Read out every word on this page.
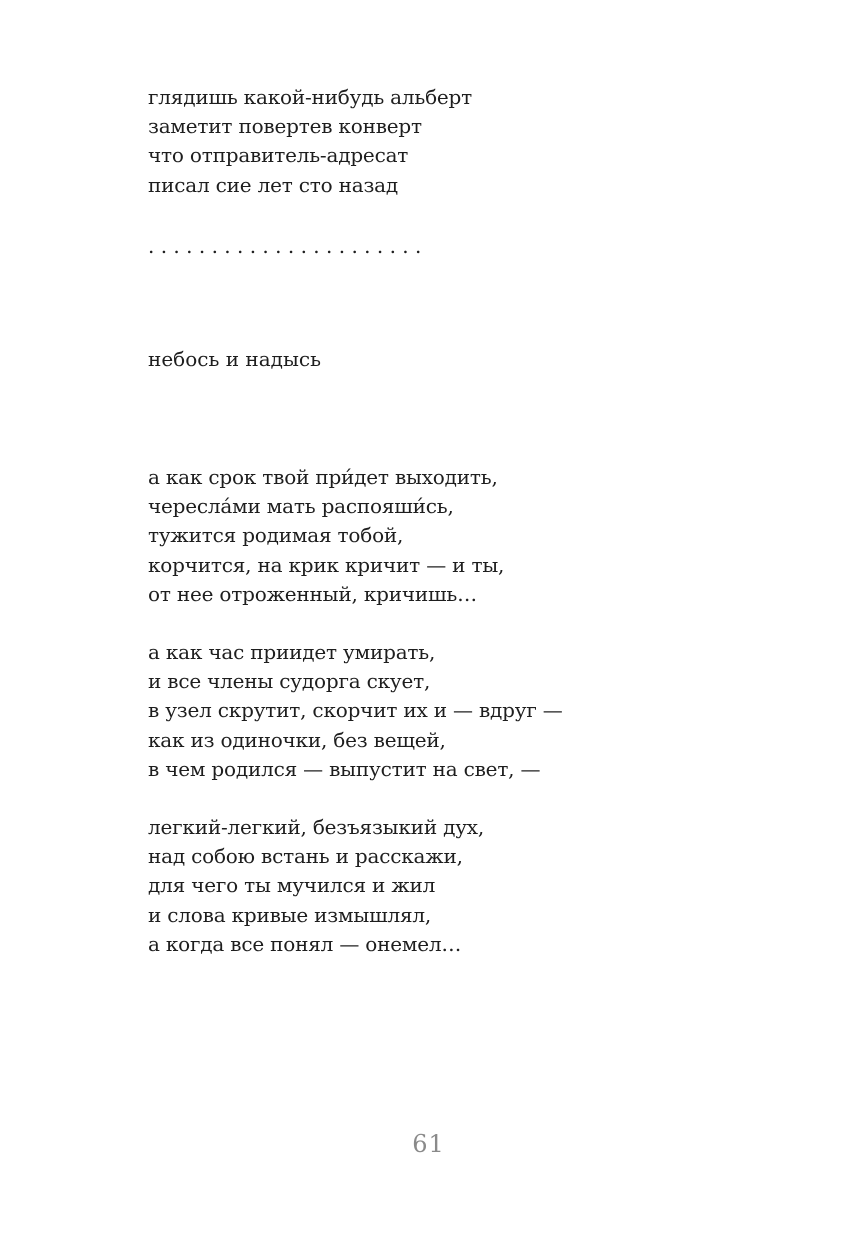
глядишь какой-нибудь альберт
заметит повертев конверт
что отправитель-адресат
писал сие лет сто назад
. . . . . . . . . . . . . . . . . . . . . .
небось и надысь
а как срок твой при́дет выходить,
чересла́ми мать распояши́сь,
тужится родимая тобой,
корчится, на крик кричит — и ты,
от нее отроженный, кричишь…
а как час приидет умирать,
и все члены судорга скует,
в узел скрутит, скорчит их и — вдруг —
как из одиночки, без вещей,
в чем родился — выпустит на свет, —
легкий-легкий, безъязыкий дух,
над собою встань и расскажи,
для чего ты мучился и жил
и слова кривые измышлял,
а когда все понял — онемел…
61
